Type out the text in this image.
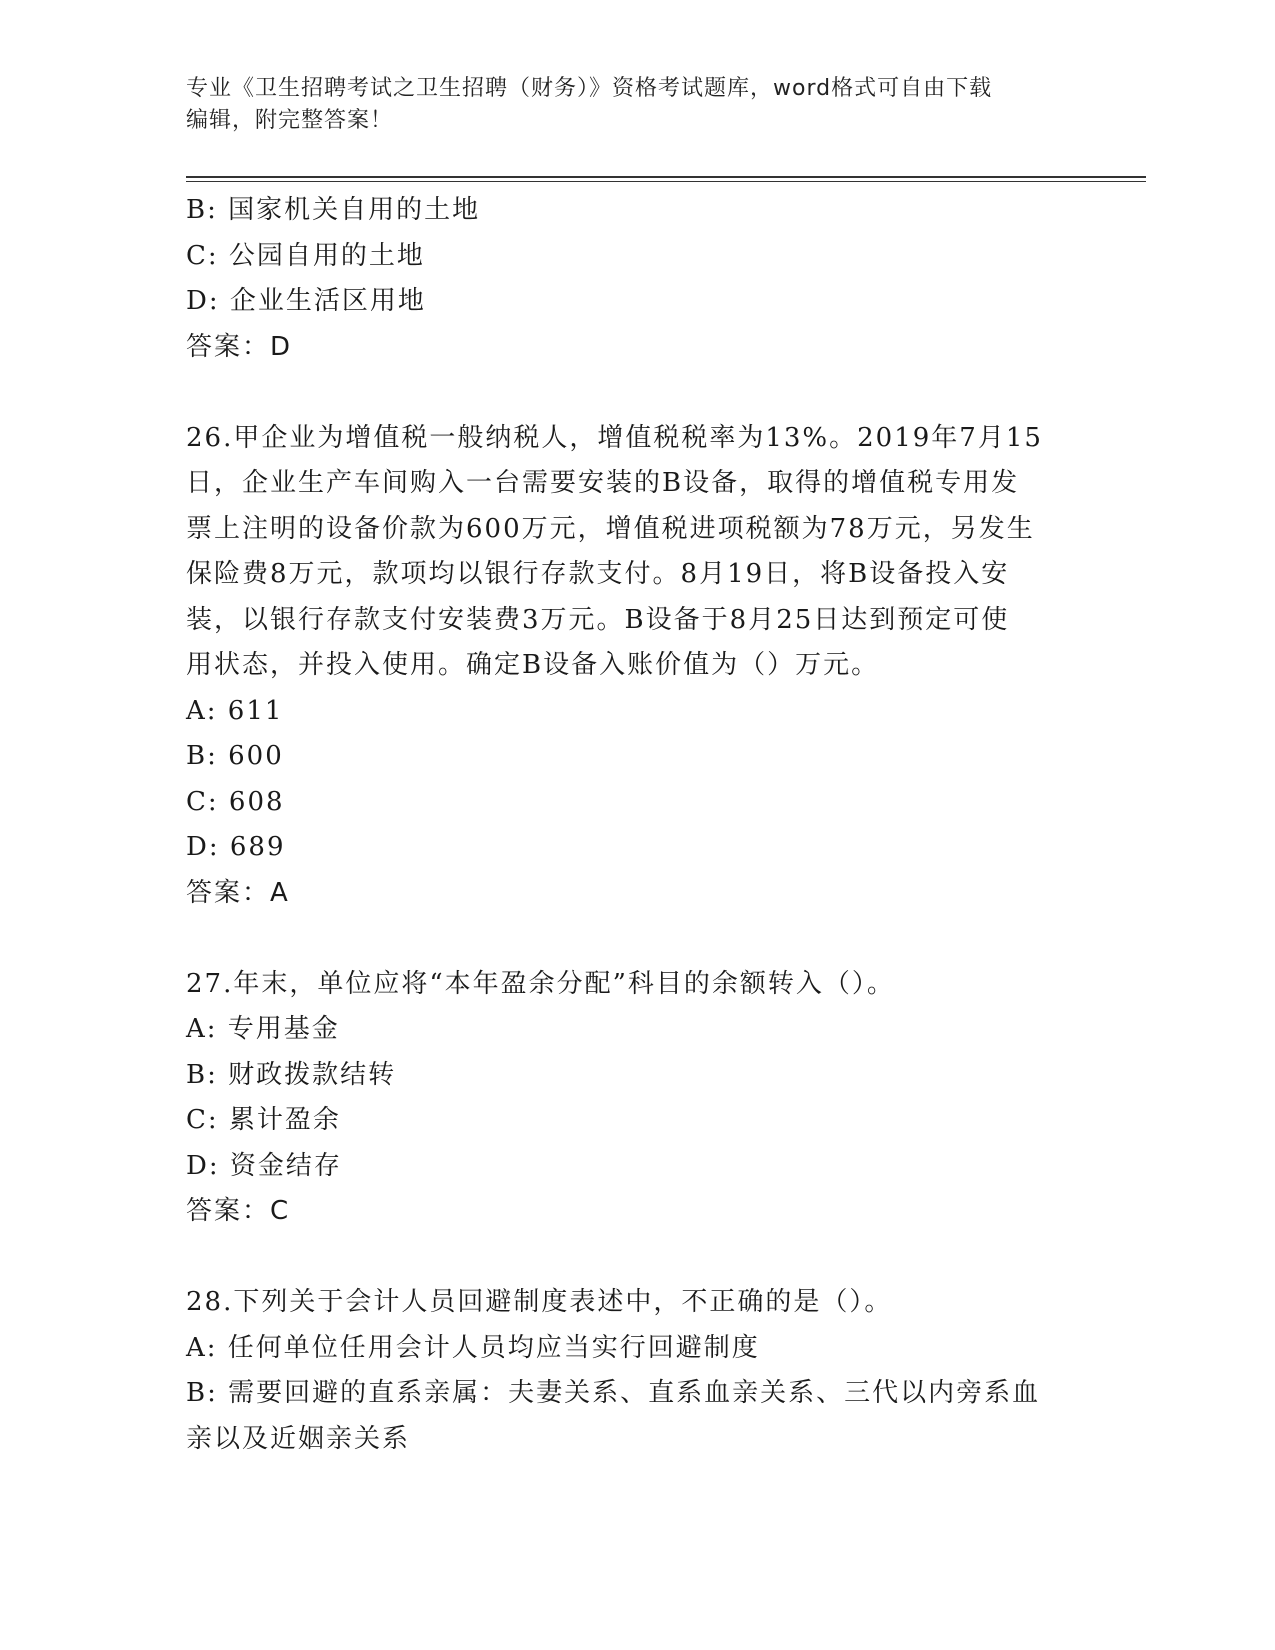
专业《卫生招聘考试之卫生招聘（财务）》资格考试题库，word格式可自由下载
编辑，附完整答案！
B: 国家机关自用的土地
C: 公园自用的土地
D: 企业生活区用地
答案：D
26.甲企业为增值税一般纳税人，增值税税率为13%。2019年7月15
日，企业生产车间购入一台需要安装的B设备，取得的增值税专用发
票上注明的设备价款为600万元，增值税进项税额为78万元，另发生
保险费8万元，款项均以银行存款支付。8月19日，将B设备投入安
装，以银行存款支付安装费3万元。B设备于8月25日达到预定可使
用状态，并投入使用。确定B设备入账价值为（）万元。
A: 611
B: 600
C: 608
D: 689
答案：A
27.年末，单位应将“本年盈余分配”科目的余额转入（）。
A: 专用基金
B: 财政拨款结转
C: 累计盈余
D: 资金结存
答案：C
28.下列关于会计人员回避制度表述中，不正确的是（）。
A: 任何单位任用会计人员均应当实行回避制度
B: 需要回避的直系亲属：夫妻关系、直系血亲关系、三代以内旁系血
亲以及近姻亲关系
